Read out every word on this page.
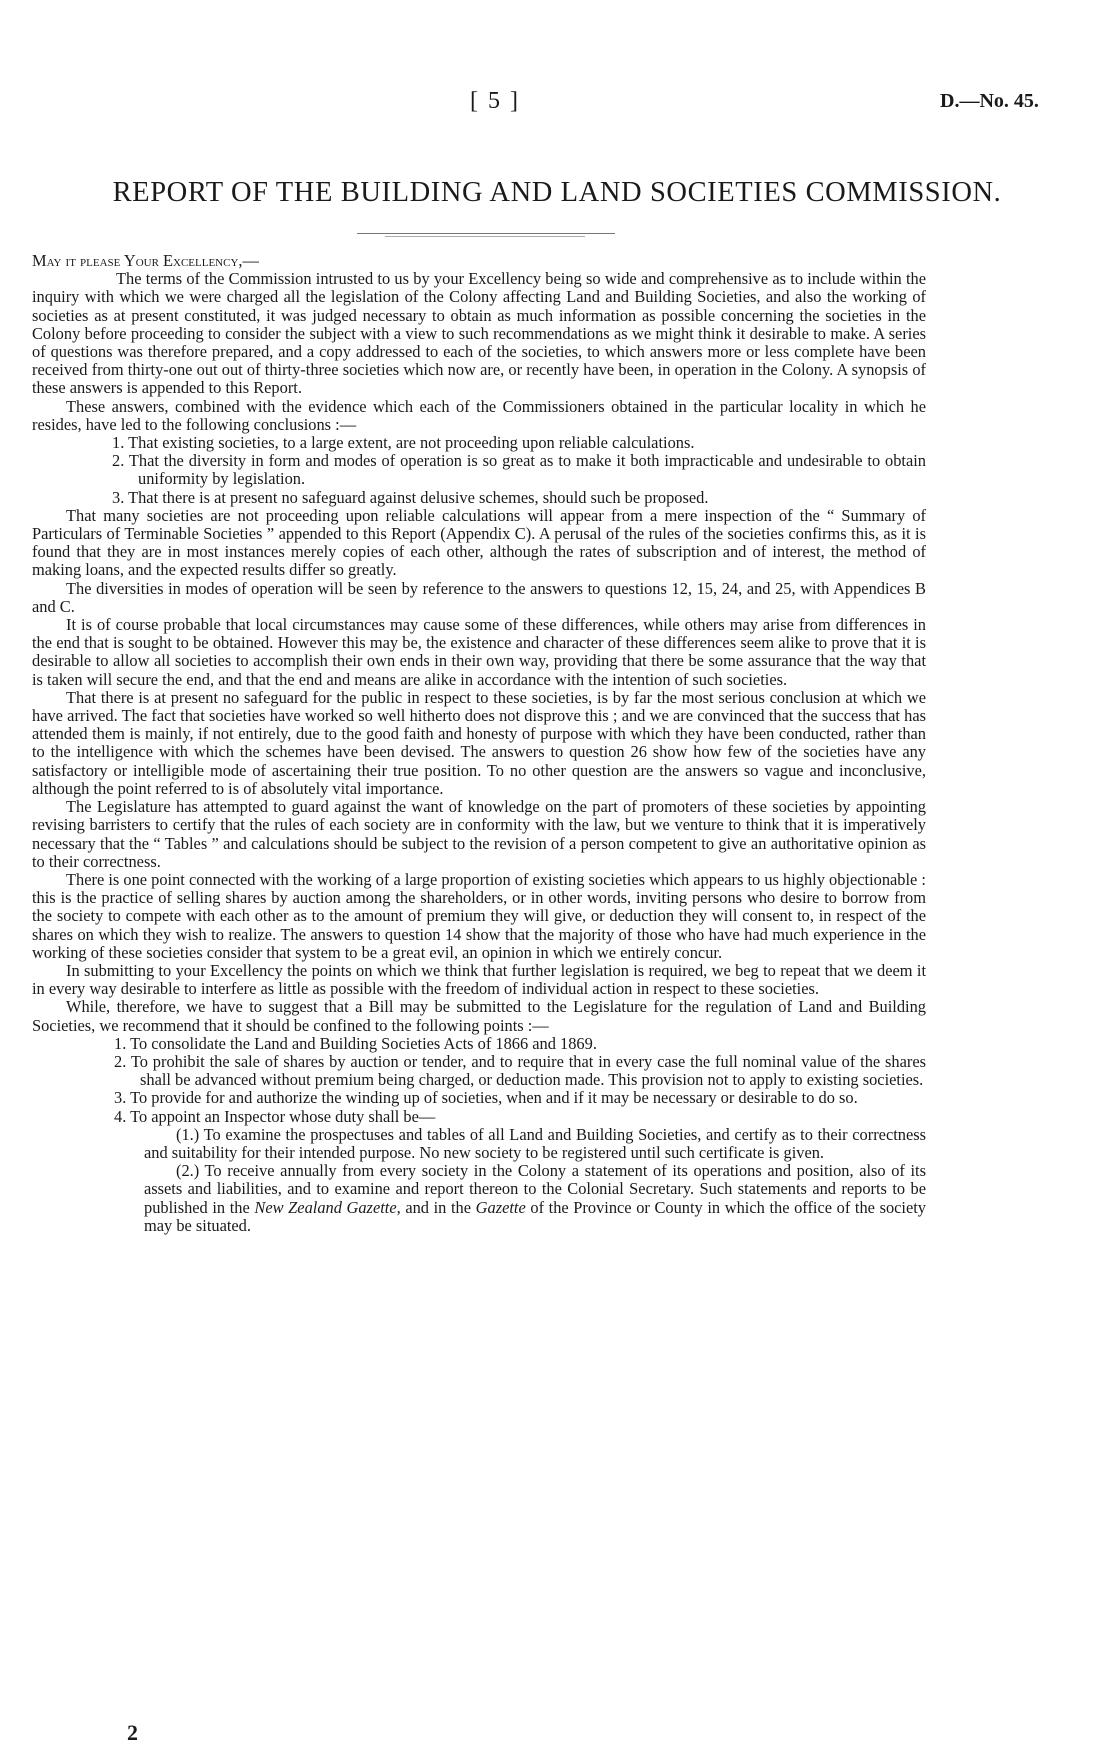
[ 5 ]	D.—No. 45.
REPORT OF THE BUILDING AND LAND SOCIETIES COMMISSION.

May it please Your Excellency,—

The terms of the Commission intrusted to us by your Excellency being so wide and comprehensive as to include within the inquiry with which we were charged all the legislation of the Colony affecting Land and Building Societies, and also the working of societies as at present constituted, it was judged necessary to obtain as much information as possible concerning the societies in the Colony before proceeding to consider the subject with a view to such recommendations as we might think it desirable to make. A series of questions was therefore prepared, and a copy addressed to each of the societies, to which answers more or less complete have been received from thirty-one out out of thirty-three societies which now are, or recently have been, in operation in the Colony. A synopsis of these answers is appended to this Report.

These answers, combined with the evidence which each of the Commissioners obtained in the particular locality in which he resides, have led to the following conclusions :—

1. That existing societies, to a large extent, are not proceeding upon reliable calculations.

2. That the diversity in form and modes of operation is so great as to make it both impracticable and undesirable to obtain uniformity by legislation.

3. That there is at present no safeguard against delusive schemes, should such be proposed.

That many societies are not proceeding upon reliable calculations will appear from a mere inspection of the “ Summary of Particulars of Terminable Societies ” appended to this Report (Appendix C). A perusal of the rules of the societies confirms this, as it is found that they are in most instances merely copies of each other, although the rates of subscription and of interest, the method of making loans, and the expected results differ so greatly.

The diversities in modes of operation will be seen by reference to the answers to questions 12, 15, 24, and 25, with Appendices B and C.

It is of course probable that local circumstances may cause some of these differences, while others may arise from differences in the end that is sought to be obtained. However this may be, the existence and character of these differences seem alike to prove that it is desirable to allow all societies to accomplish their own ends in their own way, providing that there be some assurance that the way that is taken will secure the end, and that the end and means are alike in accordance with the intention of such societies.

That there is at present no safeguard for the public in respect to these societies, is by far the most serious conclusion at which we have arrived. The fact that societies have worked so well hitherto does not disprove this ; and we are convinced that the success that has attended them is mainly, if not entirely, due to the good faith and honesty of purpose with which they have been conducted, rather than to the intelligence with which the schemes have been devised. The answers to question 26 show how few of the societies have any satisfactory or intelligible mode of ascertaining their true position. To no other question are the answers so vague and inconclusive, although the point referred to is of absolutely vital importance.

The Legislature has attempted to guard against the want of knowledge on the part of promoters of these societies by appointing revising barristers to certify that the rules of each society are in conformity with the law, but we venture to think that it is imperatively necessary that the “ Tables ” and calculations should be subject to the revision of a person competent to give an authoritative opinion as to their correctness.

There is one point connected with the working of a large proportion of existing societies which appears to us highly objectionable : this is the practice of selling shares by auction among the shareholders, or in other words, inviting persons who desire to borrow from the society to compete with each other as to the amount of premium they will give, or deduction they will consent to, in respect of the shares on which they wish to realize. The answers to question 14 show that the majority of those who have had much experience in the working of these societies consider that system to be a great evil, an opinion in which we entirely concur.

In submitting to your Excellency the points on which we think that further legislation is required, we beg to repeat that we deem it in every way desirable to interfere as little as possible with the freedom of individual action in respect to these societies.

While, therefore, we have to suggest that a Bill may be submitted to the Legislature for the regulation of Land and Building Societies, we recommend that it should be confined to the following points :—

1. To consolidate the Land and Building Societies Acts of 1866 and 1869.

2. To prohibit the sale of shares by auction or tender, and to require that in every case the full nominal value of the shares shall be advanced without premium being charged, or deduction made. This provision not to apply to existing societies.

3. To provide for and authorize the winding up of societies, when and if it may be necessary or desirable to do so.

4. To appoint an Inspector whose duty shall be—

(1.) To examine the prospectuses and tables of all Land and Building Societies, and certify as to their correctness and suitability for their intended purpose. No new society to be registered until such certificate is given.

(2.) To receive annually from every society in the Colony a statement of its operations and position, also of its assets and liabilities, and to examine and report thereon to the Colonial Secretary. Such statements and reports to be published in the New Zealand Gazette, and in the Gazette of the Province or County in which the office of the society may be situated.

2
